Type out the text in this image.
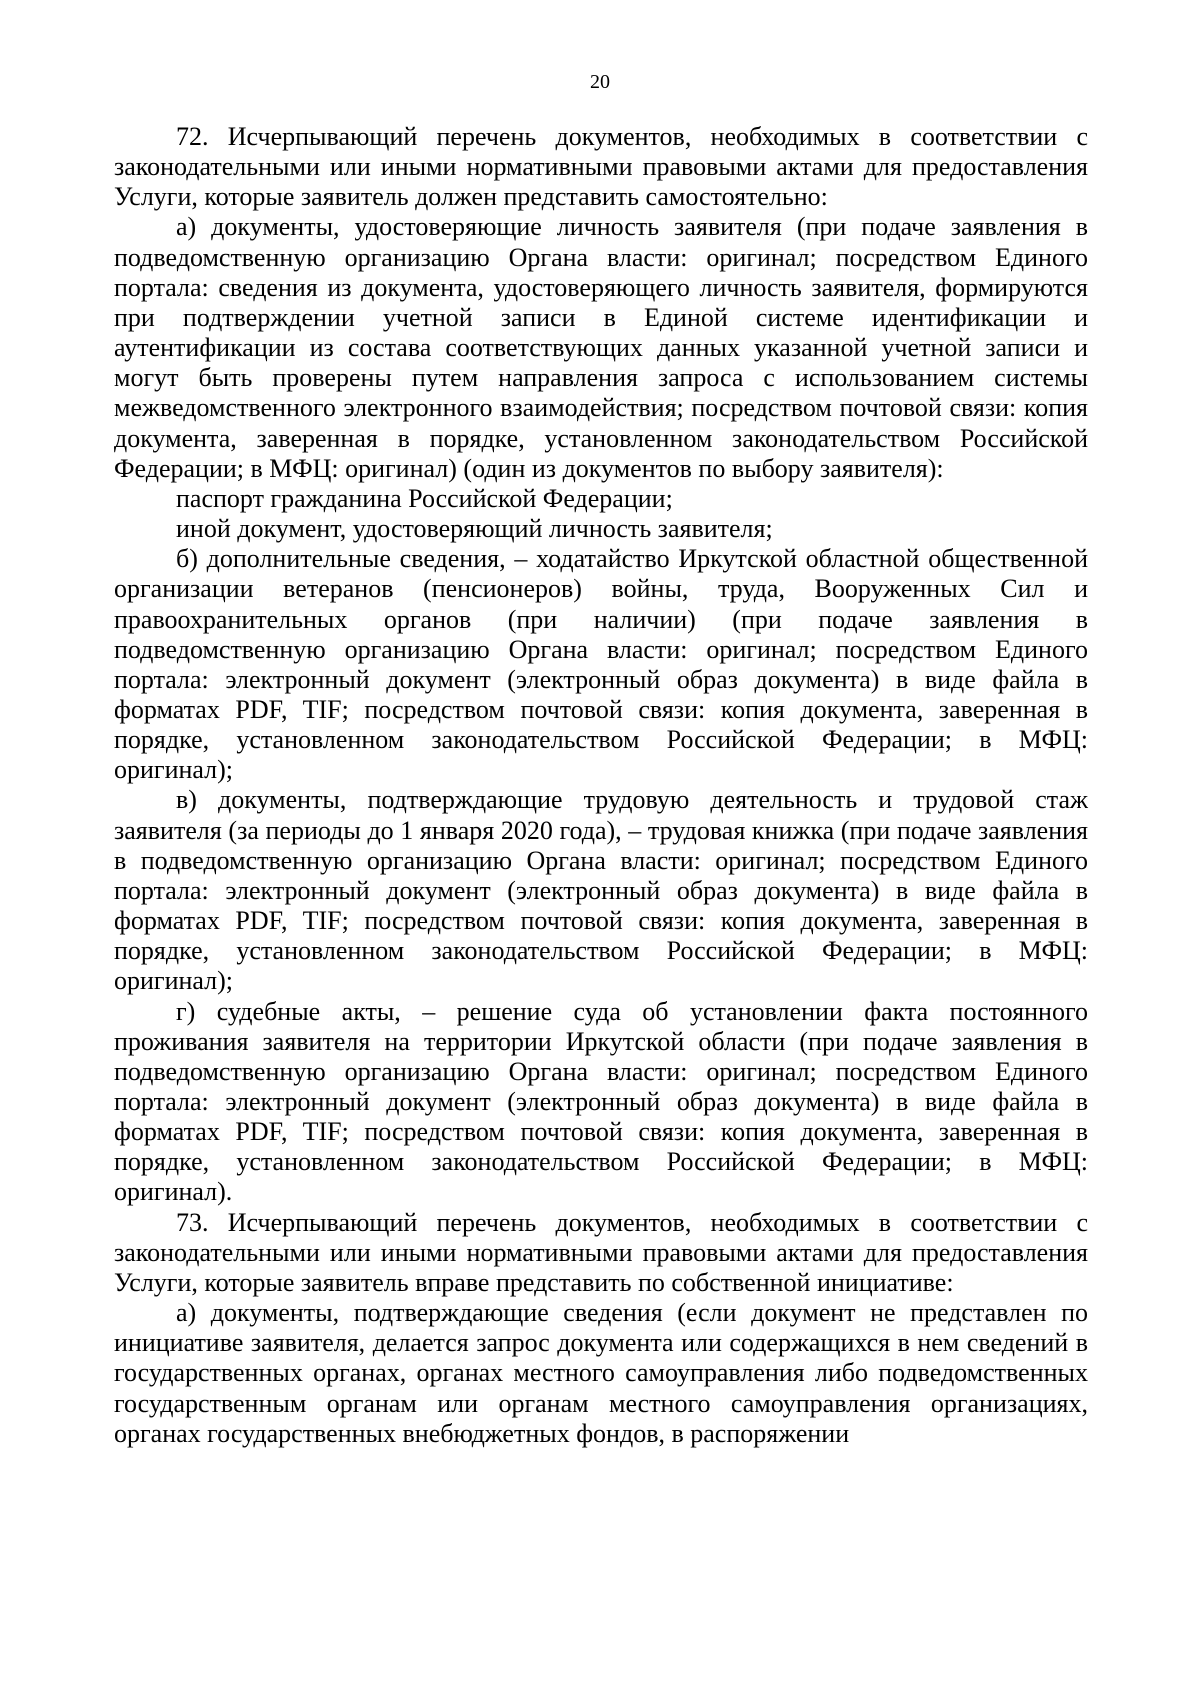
20

72. Исчерпывающий перечень документов, необходимых в соответствии с законодательными или иными нормативными правовыми актами для предоставления Услуги, которые заявитель должен представить самостоятельно:

а) документы, удостоверяющие личность заявителя (при подаче заявления в подведомственную организацию Органа власти: оригинал; посредством Единого портала: сведения из документа, удостоверяющего личность заявителя, формируются при подтверждении учетной записи в Единой системе идентификации и аутентификации из состава соответствующих данных указанной учетной записи и могут быть проверены путем направления запроса с использованием системы межведомственного электронного взаимодействия; посредством почтовой связи: копия документа, заверенная в порядке, установленном законодательством Российской Федерации; в МФЦ: оригинал) (один из документов по выбору заявителя):

паспорт гражданина Российской Федерации;

иной документ, удостоверяющий личность заявителя;

б) дополнительные сведения, – ходатайство Иркутской областной общественной организации ветеранов (пенсионеров) войны, труда, Вооруженных Сил и правоохранительных органов (при наличии) (при подаче заявления в подведомственную организацию Органа власти: оригинал; посредством Единого портала: электронный документ (электронный образ документа) в виде файла в форматах PDF, TIF; посредством почтовой связи: копия документа, заверенная в порядке, установленном законодательством Российской Федерации; в МФЦ: оригинал);

в) документы, подтверждающие трудовую деятельность и трудовой стаж заявителя (за периоды до 1 января 2020 года), – трудовая книжка (при подаче заявления в подведомственную организацию Органа власти: оригинал; посредством Единого портала: электронный документ (электронный образ документа) в виде файла в форматах PDF, TIF; посредством почтовой связи: копия документа, заверенная в порядке, установленном законодательством Российской Федерации; в МФЦ: оригинал);

г) судебные акты, – решение суда об установлении факта постоянного проживания заявителя на территории Иркутской области (при подаче заявления в подведомственную организацию Органа власти: оригинал; посредством Единого портала: электронный документ (электронный образ документа) в виде файла в форматах PDF, TIF; посредством почтовой связи: копия документа, заверенная в порядке, установленном законодательством Российской Федерации; в МФЦ: оригинал).

73. Исчерпывающий перечень документов, необходимых в соответствии с законодательными или иными нормативными правовыми актами для предоставления Услуги, которые заявитель вправе представить по собственной инициативе:

а) документы, подтверждающие сведения (если документ не представлен по инициативе заявителя, делается запрос документа или содержащихся в нем сведений в государственных органах, органах местного самоуправления либо подведомственных государственным органам или органам местного самоуправления организациях, органах государственных внебюджетных фондов, в распоряжении
